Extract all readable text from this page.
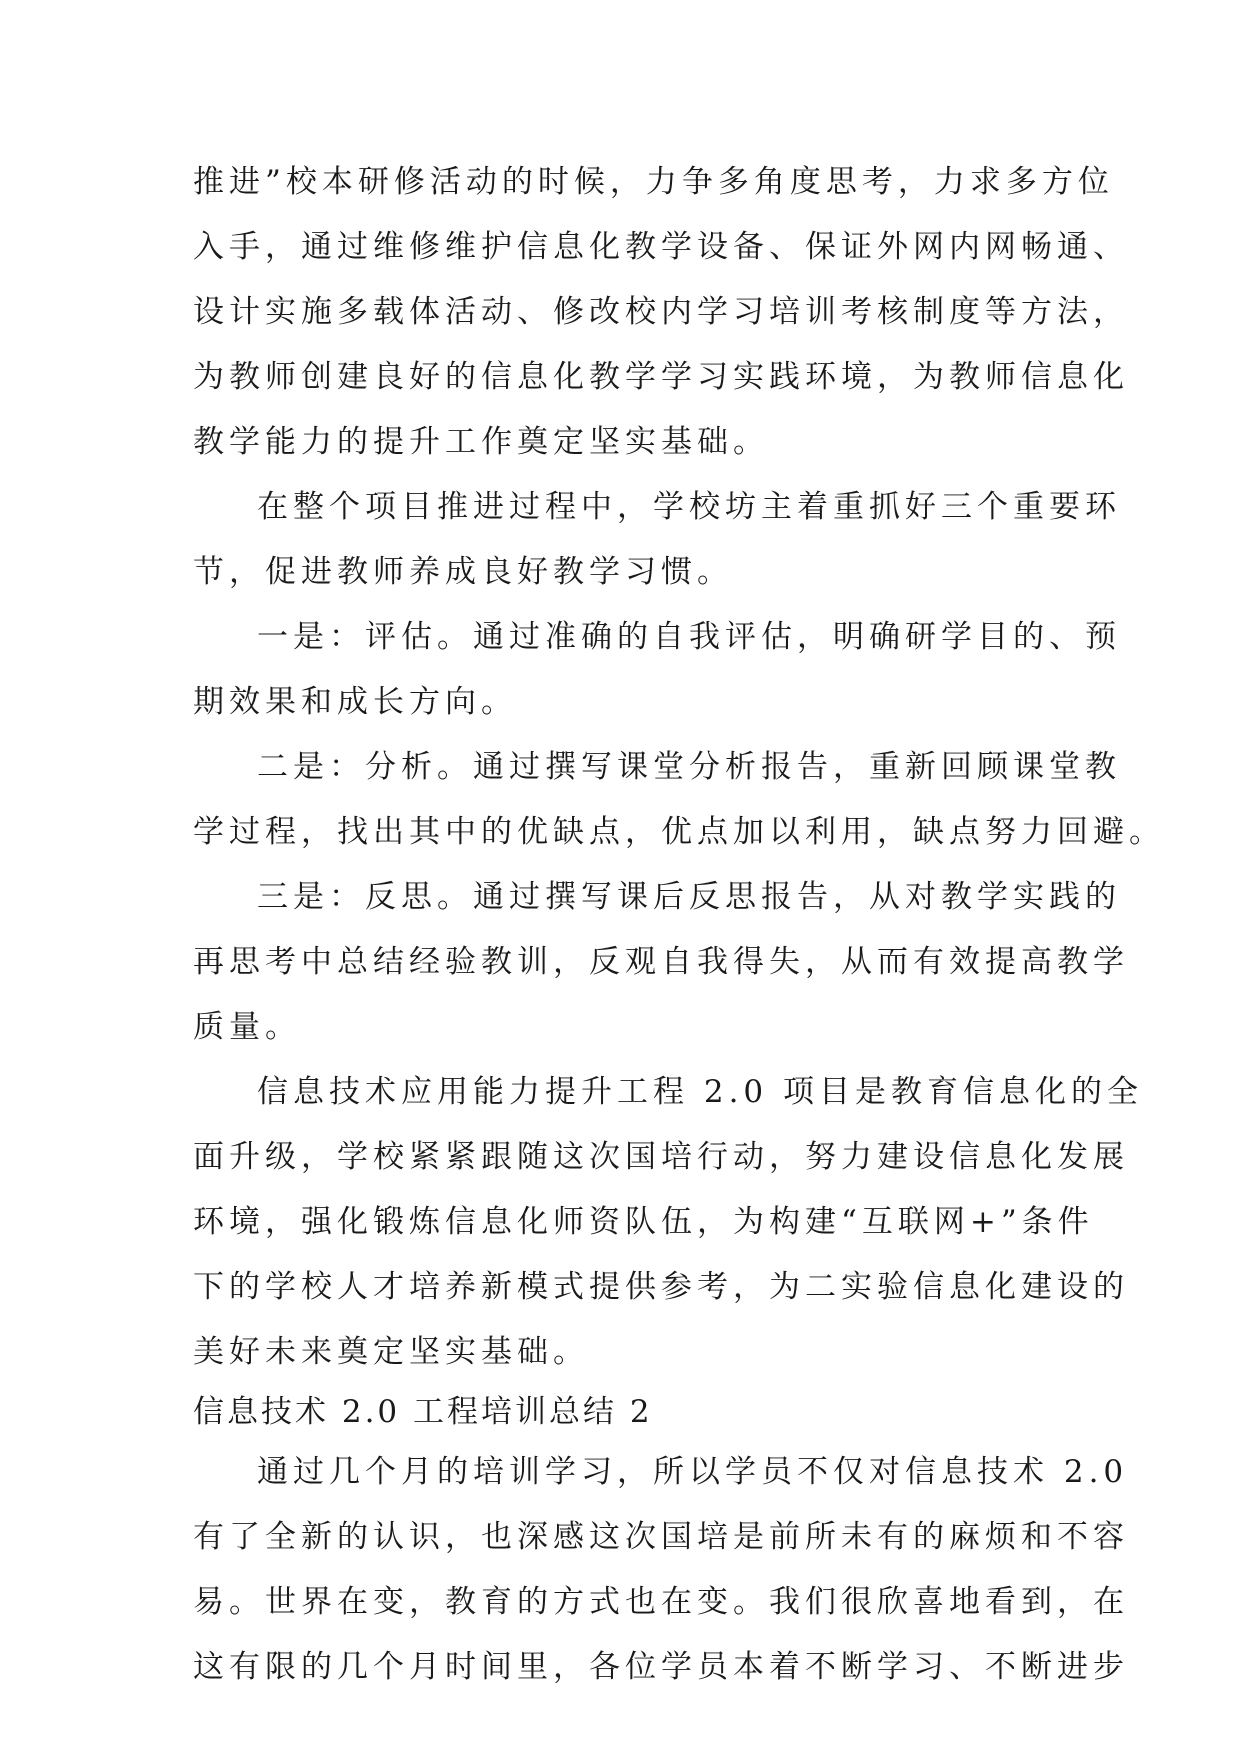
推进”校本研修活动的时候，力争多角度思考，力求多方位
入手，通过维修维护信息化教学设备、保证外网内网畅通、
设计实施多载体活动、修改校内学习培训考核制度等方法，
为教师创建良好的信息化教学学习实践环境，为教师信息化
教学能力的提升工作奠定坚实基础。
在整个项目推进过程中，学校坊主着重抓好三个重要环
节，促进教师养成良好教学习惯。
一是：评估。通过准确的自我评估，明确研学目的、预
期效果和成长方向。
二是：分析。通过撰写课堂分析报告，重新回顾课堂教
学过程，找出其中的优缺点，优点加以利用，缺点努力回避。
三是：反思。通过撰写课后反思报告，从对教学实践的
再思考中总结经验教训，反观自我得失，从而有效提高教学
质量。
信息技术应用能力提升工程 2.0 项目是教育信息化的全
面升级，学校紧紧跟随这次国培行动，努力建设信息化发展
环境，强化锻炼信息化师资队伍，为构建“互联网+”条件
下的学校人才培养新模式提供参考，为二实验信息化建设的
美好未来奠定坚实基础。
信息技术 2.0 工程培训总结 2
通过几个月的培训学习，所以学员不仅对信息技术 2.0
有了全新的认识，也深感这次国培是前所未有的麻烦和不容
易。世界在变，教育的方式也在变。我们很欣喜地看到，在
这有限的几个月时间里，各位学员本着不断学习、不断进步
